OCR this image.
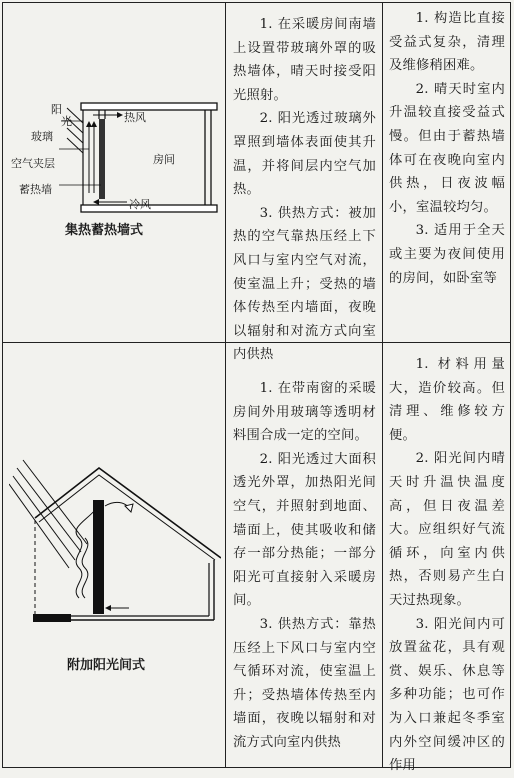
阳
光
玻璃
空气夹层
蓄热墙
热风
房间
冷风
集热蓄热墙式

1. 在采暖房间南墙上设置带玻璃外罩的吸热墙体，晴天时接受阳光照射。

2. 阳光透过玻璃外罩照到墙体表面使其升温，并将间层内空气加热。

3. 供热方式：被加热的空气靠热压经上下风口与室内空气对流，使室温上升；受热的墙体传热至内墙面，夜晚以辐射和对流方式向室内供热

1. 构造比直接受益式复杂，清理及维修稍困难。

2. 晴天时室内升温较直接受益式慢。但由于蓄热墙体可在夜晚向室内供热，日夜波幅小，室温较均匀。

3. 适用于全天或主要为夜间使用的房间，如卧室等

附加阳光间式

1. 在带南窗的采暖房间外用玻璃等透明材料围合成一定的空间。

2. 阳光透过大面积透光外罩，加热阳光间空气，并照射到地面、墙面上，使其吸收和储存一部分热能；一部分阳光可直接射入采暖房间。

3. 供热方式：靠热压经上下风口与室内空气循环对流，使室温上升；受热墙体传热至内墙面，夜晚以辐射和对流方式向室内供热

1. 材料用量大，造价较高。但清理、维修较方便。

2. 阳光间内晴天时升温快温度高，但日夜温差大。应组织好气流循环，向室内供热，否则易产生白天过热现象。

3. 阳光间内可放置盆花，具有观赏、娱乐、休息等多种功能；也可作为入口兼起冬季室内外空间缓冲区的作用
